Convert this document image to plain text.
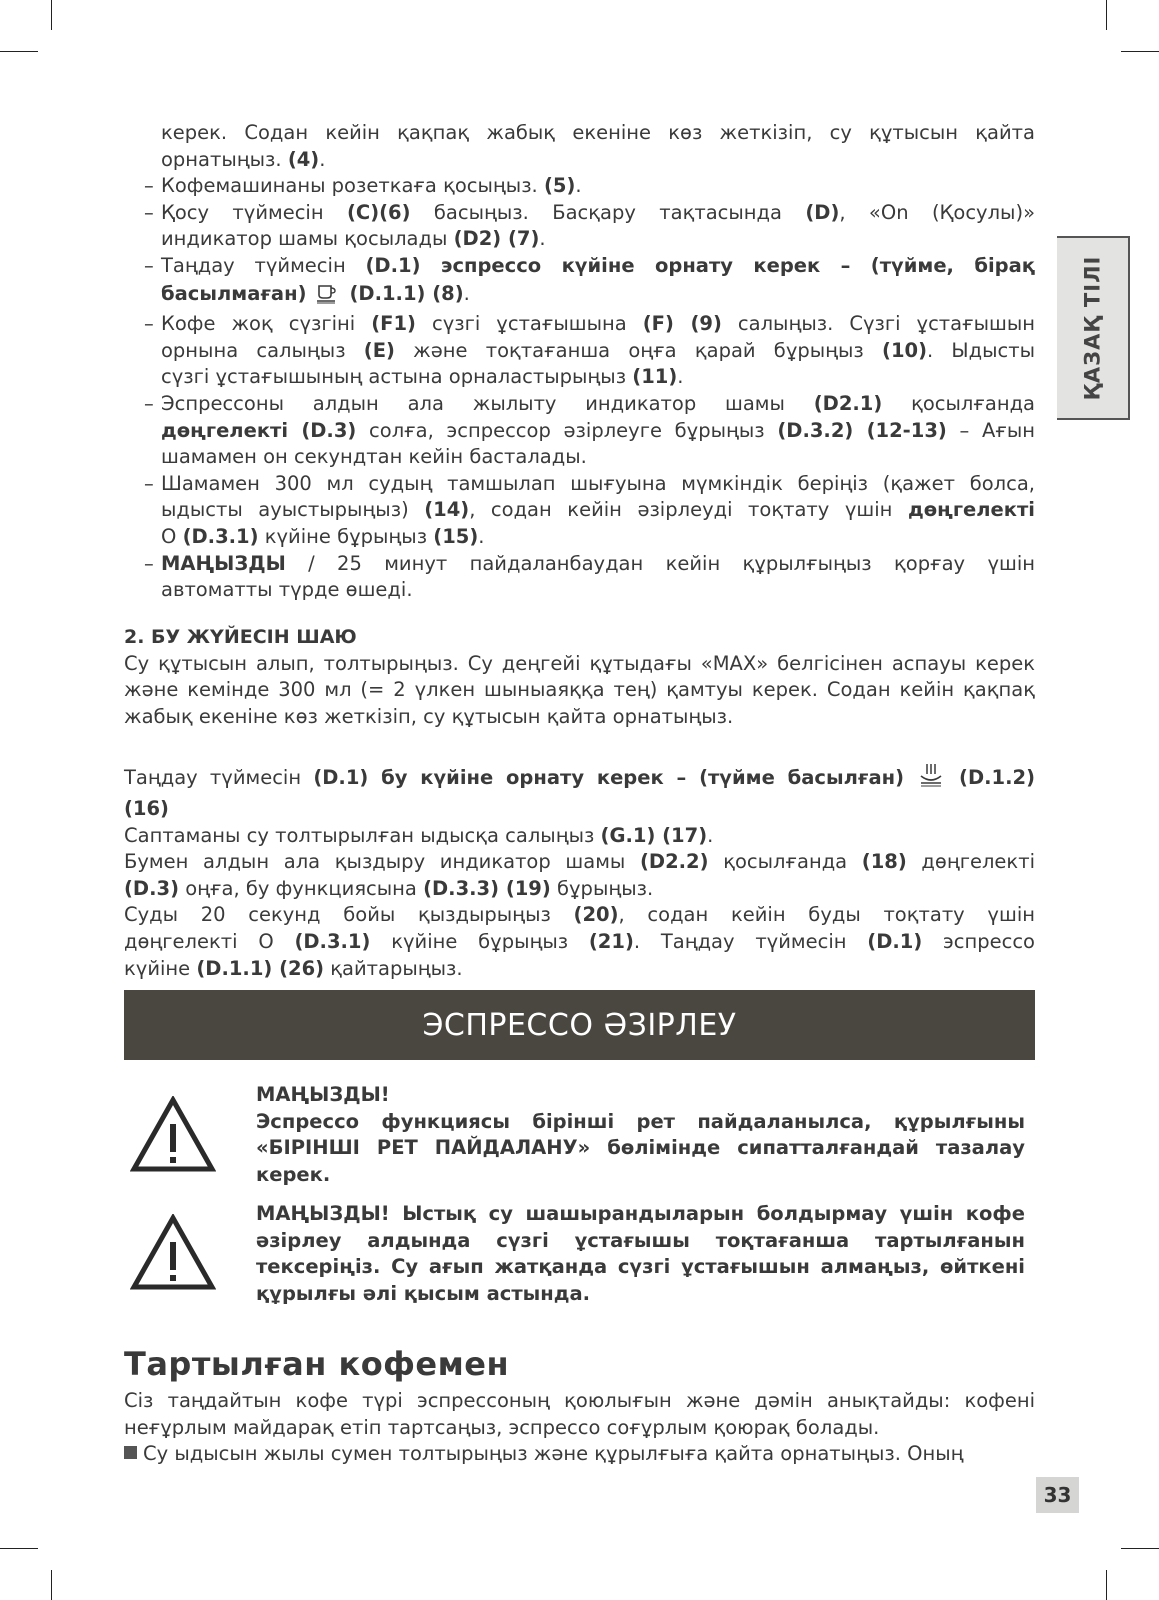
ҚАЗАҚ ТІЛІ
керек. Содан кейін қақпақ жабық екеніне көз жеткізіп, су құтысын қайта
орнатыңыз. (4).
– Кофемашинаны розеткаға қосыңыз. (5).
– Қосу түймесін (C)(6) басыңыз. Басқару тақтасында (D), «On (Қосулы)»
индикатор шамы қосылады (D2) (7).
– Таңдау түймесін (D.1) эспрессо күйіне орнату керек – (түйме, бірақ
басылмаған)  (D.1.1) (8).
– Кофе жоқ сүзгіні (F1) сүзгі ұстағышына (F) (9) салыңыз. Сүзгі ұстағышын
орнына салыңыз (E) және тоқтағанша оңға қарай бұрыңыз (10). Ыдысты
сүзгі ұстағышының астына орналастырыңыз (11).
– Эспрессоны алдын ала жылыту индикатор шамы (D2.1) қосылғанда
дөңгелекті (D.3) солға, эспрессор әзірлеуге бұрыңыз (D.3.2) (12-13) – Ағын
шамамен он секундтан кейін басталады.
– Шамамен 300 мл судың тамшылап шығуына мүмкіндік беріңіз (қажет болса,
ыдысты ауыстырыңыз) (14), содан кейін әзірлеуді тоқтату үшін дөңгелекті
O (D.3.1) күйіне бұрыңыз (15).
– МАҢЫЗДЫ / 25 минут пайдаланбаудан кейін құрылғыңыз қорғау үшін
автоматты түрде өшеді.
2. БУ ЖҮЙЕСІН ШАЮ
Су құтысын алып, толтырыңыз. Су деңгейі құтыдағы «MAX» белгісінен аспауы керек және кемінде 300 мл (= 2 үлкен шыныаяққа тең) қамтуы керек. Содан кейін қақпақ жабық екеніне көз жеткізіп, су құтысын қайта орнатыңыз.
Таңдау түймесін (D.1) бу күйіне орнату керек – (түйме басылған)  (D.1.2)
(16)
Саптаманы су толтырылған ыдысқа салыңыз (G.1) (17).
Бумен алдын ала қыздыру индикатор шамы (D2.2) қосылғанда (18) дөңгелекті
(D.3) оңға, бу функциясына (D.3.3) (19) бұрыңыз.
Суды 20 секунд бойы қыздырыңыз (20), содан кейін буды тоқтату үшін
дөңгелекті O (D.3.1) күйіне бұрыңыз (21). Таңдау түймесін (D.1) эспрессо
күйіне (D.1.1) (26) қайтарыңыз.
ЭСПРЕССО ӘЗІРЛЕУ
МАҢЫЗДЫ!
Эспрессо функциясы бірінші рет пайдаланылса, құрылғыны «БІРІНШІ РЕТ ПАЙДАЛАНУ» бөлімінде сипатталғандай тазалау керек.
МАҢЫЗДЫ! Ыстық су шашырандыларын болдырмау үшін кофе әзірлеу алдында сүзгі ұстағышы тоқтағанша тартылғанын тексеріңіз. Су ағып жатқанда сүзгі ұстағышын алмаңыз, өйткені құрылғы әлі қысым астында.
Тартылған кофемен
Сіз таңдайтын кофе түрі эспрессоның қоюлығын және дәмін анықтайды: кофені неғұрлым майдарақ етіп тартсаңыз, эспрессо соғұрлым қоюрақ болады.
Су ыдысын жылы сумен толтырыңыз және құрылғыға қайта орнатыңыз. Оның
33
